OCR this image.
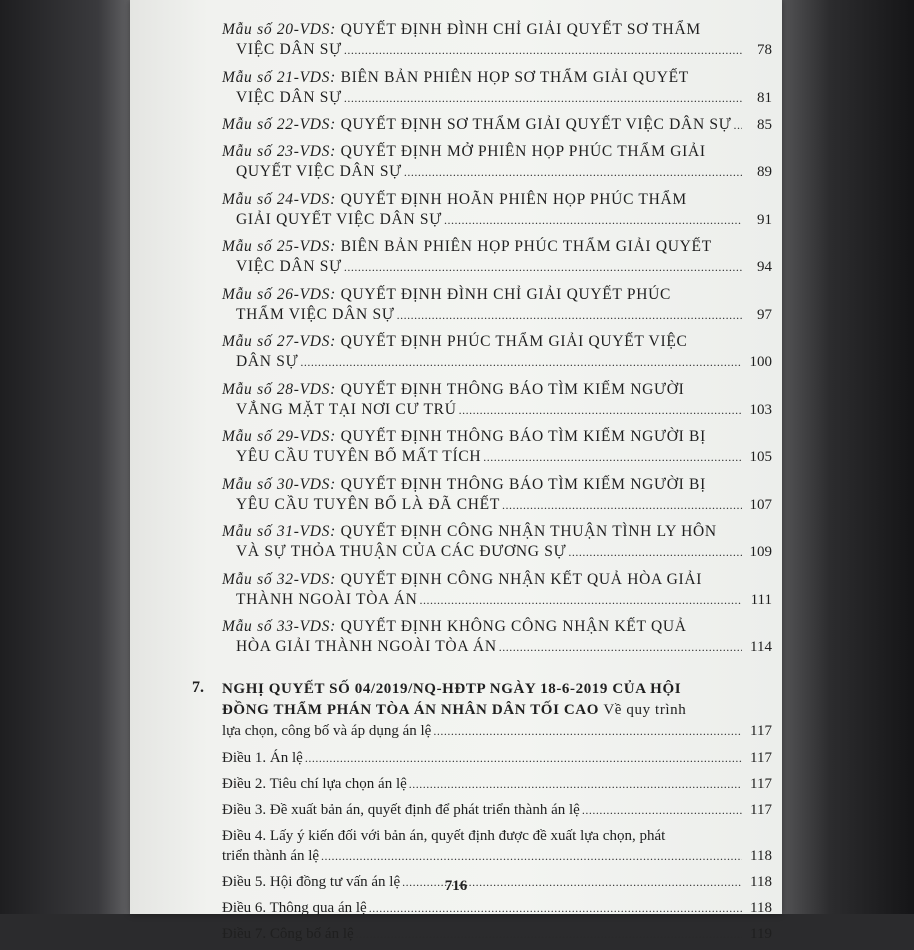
Mẫu số 20-VDS: QUYẾT ĐỊNH ĐÌNH CHỈ GIẢI QUYẾT SƠ THẨM
VIỆC DÂN SỰ .....	78
Mẫu số 21-VDS: BIÊN BẢN PHIÊN HỌP SƠ THẨM GIẢI QUYẾT
VIỆC DÂN SỰ .....	81
Mẫu số 22-VDS:
QUYẾT ĐỊNH SƠ THẨM GIẢI QUYẾT VIỆC DÂN SỰ .....	85
Mẫu số 23-VDS: QUYẾT ĐỊNH MỞ PHIÊN HỌP PHÚC THẨM GIẢI
QUYẾT VIỆC DÂN SỰ .....	89
Mẫu số 24-VDS: QUYẾT ĐỊNH HOÃN PHIÊN HỌP PHÚC THẨM
GIẢI QUYẾT VIỆC DÂN SỰ .....	91
Mẫu số 25-VDS: BIÊN BẢN PHIÊN HỌP PHÚC THẨM GIẢI QUYẾT
VIỆC DÂN SỰ .....	94
Mẫu số 26-VDS: QUYẾT ĐỊNH ĐÌNH CHỈ GIẢI QUYẾT PHÚC
THẨM VIỆC DÂN SỰ .....	97
Mẫu số 27-VDS: QUYẾT ĐỊNH PHÚC THẨM GIẢI QUYẾT VIỆC
DÂN SỰ .....	100
Mẫu số 28-VDS: QUYẾT ĐỊNH THÔNG BÁO TÌM KIẾM NGƯỜI
VẮNG MẶT TẠI NƠI CƯ TRÚ .....	103
Mẫu số 29-VDS: QUYẾT ĐỊNH THÔNG BÁO TÌM KIẾM NGƯỜI BỊ
YÊU CẦU TUYÊN BỐ MẤT TÍCH .....	105
Mẫu số 30-VDS: QUYẾT ĐỊNH THÔNG BÁO TÌM KIẾM NGƯỜI BỊ
YÊU CẦU TUYÊN BỐ LÀ ĐÃ CHẾT .....	107
Mẫu số 31-VDS: QUYẾT ĐỊNH CÔNG NHẬN THUẬN TÌNH LY HÔN
VÀ SỰ THỎA THUẬN CỦA CÁC ĐƯƠNG SỰ .....	109
Mẫu số 32-VDS: QUYẾT ĐỊNH CÔNG NHẬN KẾT QUẢ HÒA GIẢI
THÀNH NGOÀI TÒA ÁN .....	111
Mẫu số 33-VDS: QUYẾT ĐỊNH KHÔNG CÔNG NHẬN KẾT QUẢ
HÒA GIẢI THÀNH NGOÀI TÒA ÁN .....	114
7. NGHỊ QUYẾT SỐ 04/2019/NQ-HĐTP NGÀY 18-6-2019 CỦA HỘI
ĐỒNG THẨM PHÁN TÒA ÁN NHÂN DÂN TỐI CAO Về quy trình
lựa chọn, công bố và áp dụng án lệ .....	117
Điều 1. Án lệ .....	117
Điều 2. Tiêu chí lựa chọn án lệ .....	117
Điều 3. Đề xuất bản án, quyết định để phát triển thành án lệ .....	117
Điều 4. Lấy ý kiến đối với bản án, quyết định được đề xuất lựa chọn, phát
triển thành án lệ .....	118
Điều 5. Hội đồng tư vấn án lệ .....	118
Điều 6. Thông qua án lệ .....	118
Điều 7. Công bố án lệ .....	119
716
